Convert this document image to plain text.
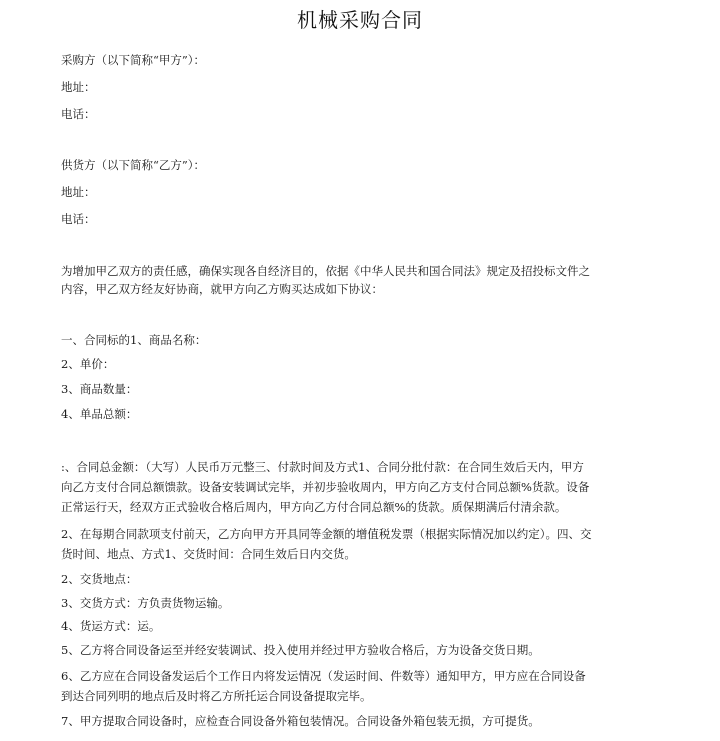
机械采购合同
采购方（以下简称“甲方”）：
地址：
电话：
供货方（以下简称“乙方”）：
地址：
电话：
为增加甲乙双方的责任感，确保实现各自经济目的，依据《中华人民共和国合同法》规定及招投标文件之
内容，甲乙双方经友好协商，就甲方向乙方购买达成如下协议：
一、合同标的1、商品名称：
2、单价：
3、商品数量：
4、单品总额：
:、合同总金额：（大写）人民币万元整三、付款时间及方式1、合同分批付款：在合同生效后天内，甲方
向乙方支付合同总额馈款。设备安装调试完毕，并初步验收周内，甲方向乙方支付合同总额%货款。设备
正常运行天，经双方正式验收合格后周内，甲方向乙方付合同总额%的货款。质保期满后付清余款。
2、在每期合同款项支付前天，乙方向甲方开具同等金额的增值税发票（根据实际情况加以约定）。四、交
货时间、地点、方式1、交货时间：合同生效后日内交货。
2、交货地点：
3、交货方式：方负责货物运输。
4、货运方式：运。
5、乙方将合同设备运至并经安装调试、投入使用并经过甲方验收合格后，方为设备交货日期。
6、乙方应在合同设备发运后个工作日内将发运情况（发运时间、件数等）通知甲方，甲方应在合同设备
到达合同列明的地点后及时将乙方所托运合同设备提取完毕。
7、甲方提取合同设备时，应检查合同设备外箱包装情况。合同设备外箱包装无损，方可提货。
